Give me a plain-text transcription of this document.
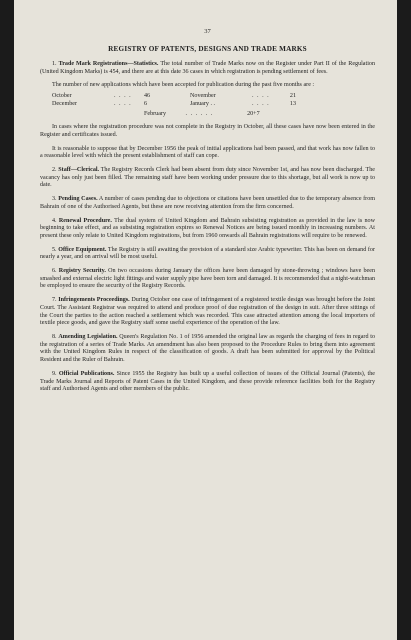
37
REGISTRY OF PATENTS, DESIGNS AND TRADE MARKS

1. Trade Mark Registrations—Statistics. The total number of Trade Marks now on the Register under Part II of the Regulation (United Kingdom Marks) is 454, and there are at this date 36 cases in which registration is pending settlement of fees.

The number of new applications which have been accepted for publication during the past five months are :

October	. . . .	46	November	. . . .	21
December	. . . .	6	January . .	. . . .	13
February	. . . . . .	20+7

In cases where the registration procedure was not complete in the Registry in October, all these cases have now been entered in the Register and certificates issued.

It is reasonable to suppose that by December 1956 the peak of initial applications had been passed, and that work has now fallen to a reasonable level with which the present establishment of staff can cope.

2. Staff—Clerical. The Registry Records Clerk had been absent from duty since November 1st, and has now been discharged. The vacancy has only just been filled. The remaining staff have been working under pressure due to this shortage, but all work is now up to date.

3. Pending Cases. A number of cases pending due to objections or citations have been unsettled due to the temporary absence from Bahrain of one of the Authorised Agents, but these are now receiving attention from the firm concerned.

4. Renewal Procedure. The dual system of United Kingdom and Bahrain subsisting registration as provided in the law is now beginning to take effect, and as subsisting registration expires so Renewal Notices are being issued monthly in increasing numbers. At present these only relate to United Kingdom registrations, but from 1960 onwards all Bahrain registrations will require to be renewed.

5. Office Equipment. The Registry is still awaiting the provision of a standard size Arabic typewriter. This has been on demand for nearly a year, and on arrival will be most useful.

6. Registry Security. On two occasions during January the offices have been damaged by stone-throwing ; windows have been smashed and external electric light fittings and water supply pipe have been torn and damaged. It is recommended that a night-watchman be employed to ensure the security of the Registry Records.

7. Infringements Proceedings. During October one case of infringement of a registered textile design was brought before the Joint Court. The Assistant Registrar was required to attend and produce proof of due registration of the design in suit. After three sittings of the Court the parties to the action reached a settlement which was recorded. This case attracted attention among the local importers of textile piece goods, and gave the Registry staff some useful experience of the operation of the law.

8. Amending Legislation. Queen's Regulation No. 1 of 1956 amended the original law as regards the charging of fees in regard to the registration of a series of Trade Marks. An amendment has also been proposed to the Procedure Rules to bring them into agreement with the United Kingdom Rules in respect of the classification of goods. A draft has been submitted for approval by the Political Resident and the Ruler of Bahrain.

9. Official Publications. Since 1955 the Registry has built up a useful collection of issues of the Official Journal (Patents), the Trade Marks Journal and Reports of Patent Cases in the United Kingdom, and these provide reference facilities both for the Registry staff and Authorised Agents and other members of the public.
